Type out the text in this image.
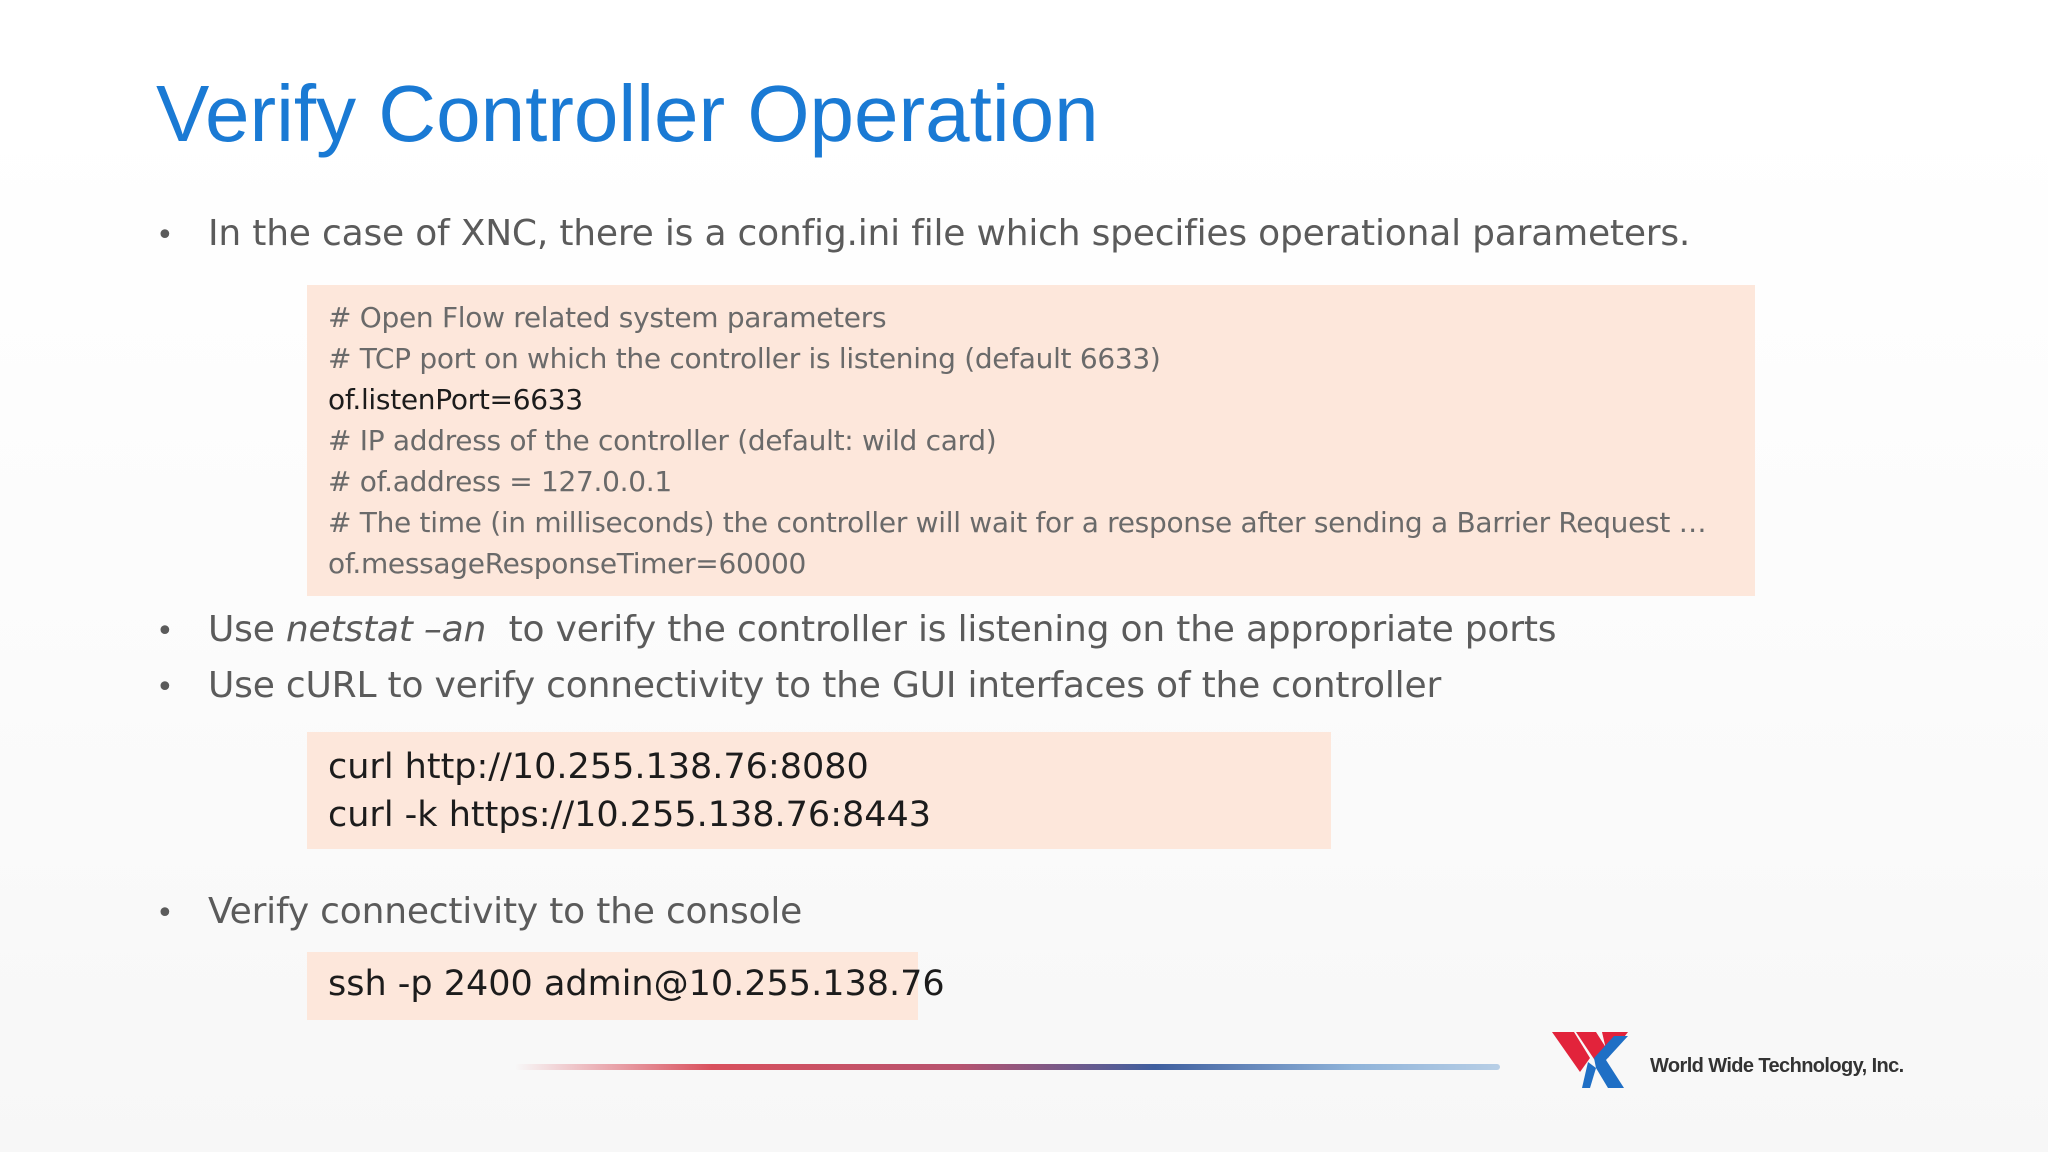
Verify Controller Operation
• In the case of XNC, there is a config.ini file which specifies operational parameters.
# Open Flow related system parameters
# TCP port on which the controller is listening (default 6633)
of.listenPort=6633
# IP address of the controller (default: wild card)
# of.address = 127.0.0.1
# The time (in milliseconds) the controller will wait for a response after sending a Barrier Request …
of.messageResponseTimer=60000
• Use netstat –an  to verify the controller is listening on the appropriate ports
• Use cURL to verify connectivity to the GUI interfaces of the controller
curl http://10.255.138.76:8080
curl -k https://10.255.138.76:8443
• Verify connectivity to the console
ssh -p 2400 admin@10.255.138.76
World Wide Technology, Inc.
